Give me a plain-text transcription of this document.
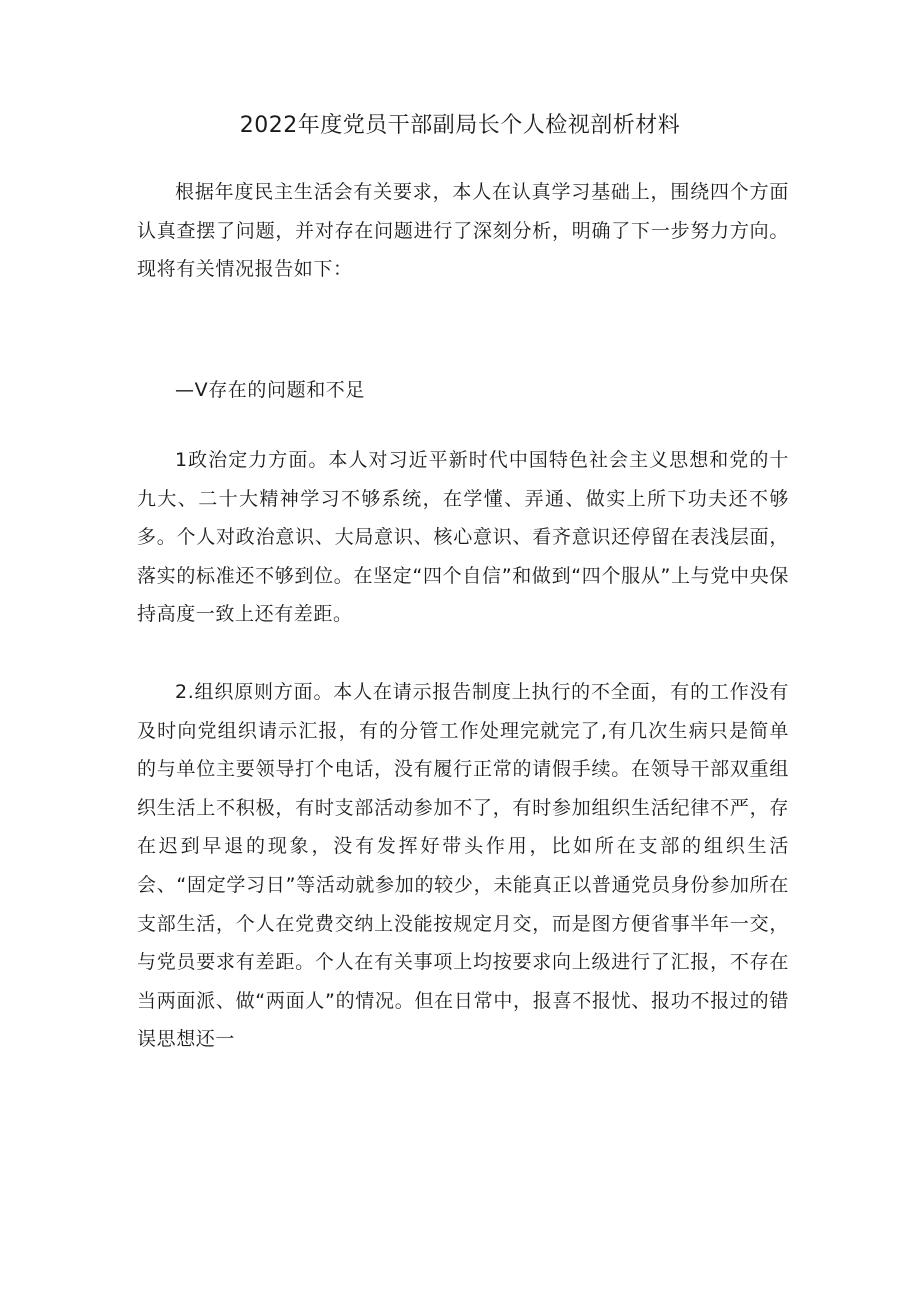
2022年度党员干部副局长个人检视剖析材料

根据年度民主生活会有关要求，本人在认真学习基础上，围绕四个方面认真查摆了问题，并对存在问题进行了深刻分析，明确了下一步努力方向。现将有关情况报告如下：

—V存在的问题和不足

1政治定力方面。本人对习近平新时代中国特色社会主义思想和党的十九大、二十大精神学习不够系统，在学懂、弄通、做实上所下功夫还不够多。个人对政治意识、大局意识、核心意识、看齐意识还停留在表浅层面，落实的标准还不够到位。在坚定“四个自信”和做到“四个服从”上与党中央保持高度一致上还有差距。

2.组织原则方面。本人在请示报告制度上执行的不全面，有的工作没有及时向党组织请示汇报，有的分管工作处理完就完了,有几次生病只是简单的与单位主要领导打个电话，没有履行正常的请假手续。在领导干部双重组织生活上不积极，有时支部活动参加不了，有时参加组织生活纪律不严，存在迟到早退的现象，没有发挥好带头作用，比如所在支部的组织生活会、“固定学习日”等活动就参加的较少，未能真正以普通党员身份参加所在支部生活，个人在党费交纳上没能按规定月交，而是图方便省事半年一交，与党员要求有差距。个人在有关事项上均按要求向上级进行了汇报，不存在当两面派、做“两面人”的情况。但在日常中，报喜不报忧、报功不报过的错误思想还一
